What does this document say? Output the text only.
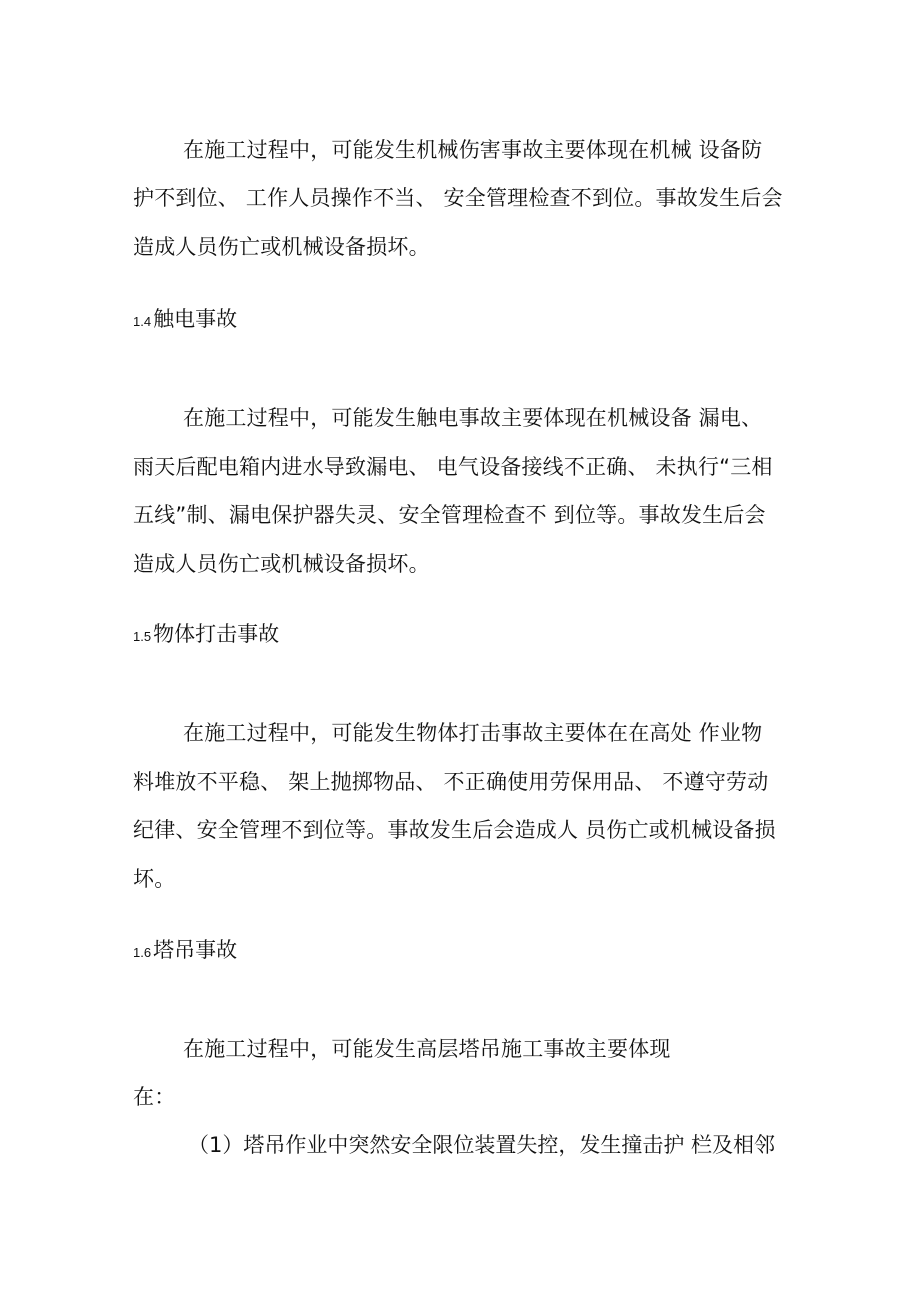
在施工过程中，可能发生机械伤害事故主要体现在机械 设备防
护不到位、 工作人员操作不当、 安全管理检查不到位。事故发生后会
造成人员伤亡或机械设备损坏。
1.4触电事故
在施工过程中，可能发生触电事故主要体现在机械设备 漏电、
雨天后配电箱内进水导致漏电、 电气设备接线不正确、 未执行“三相
五线”制、漏电保护器失灵、安全管理检查不 到位等。事故发生后会
造成人员伤亡或机械设备损坏。
1.5物体打击事故
在施工过程中，可能发生物体打击事故主要体在在高处 作业物
料堆放不平稳、 架上抛掷物品、 不正确使用劳保用品、 不遵守劳动
纪律、安全管理不到位等。事故发生后会造成人 员伤亡或机械设备损
坏。
1.6塔吊事故
在施工过程中，可能发生高层塔吊施工事故主要体现
在：
（1）塔吊作业中突然安全限位装置失控，发生撞击护 栏及相邻
